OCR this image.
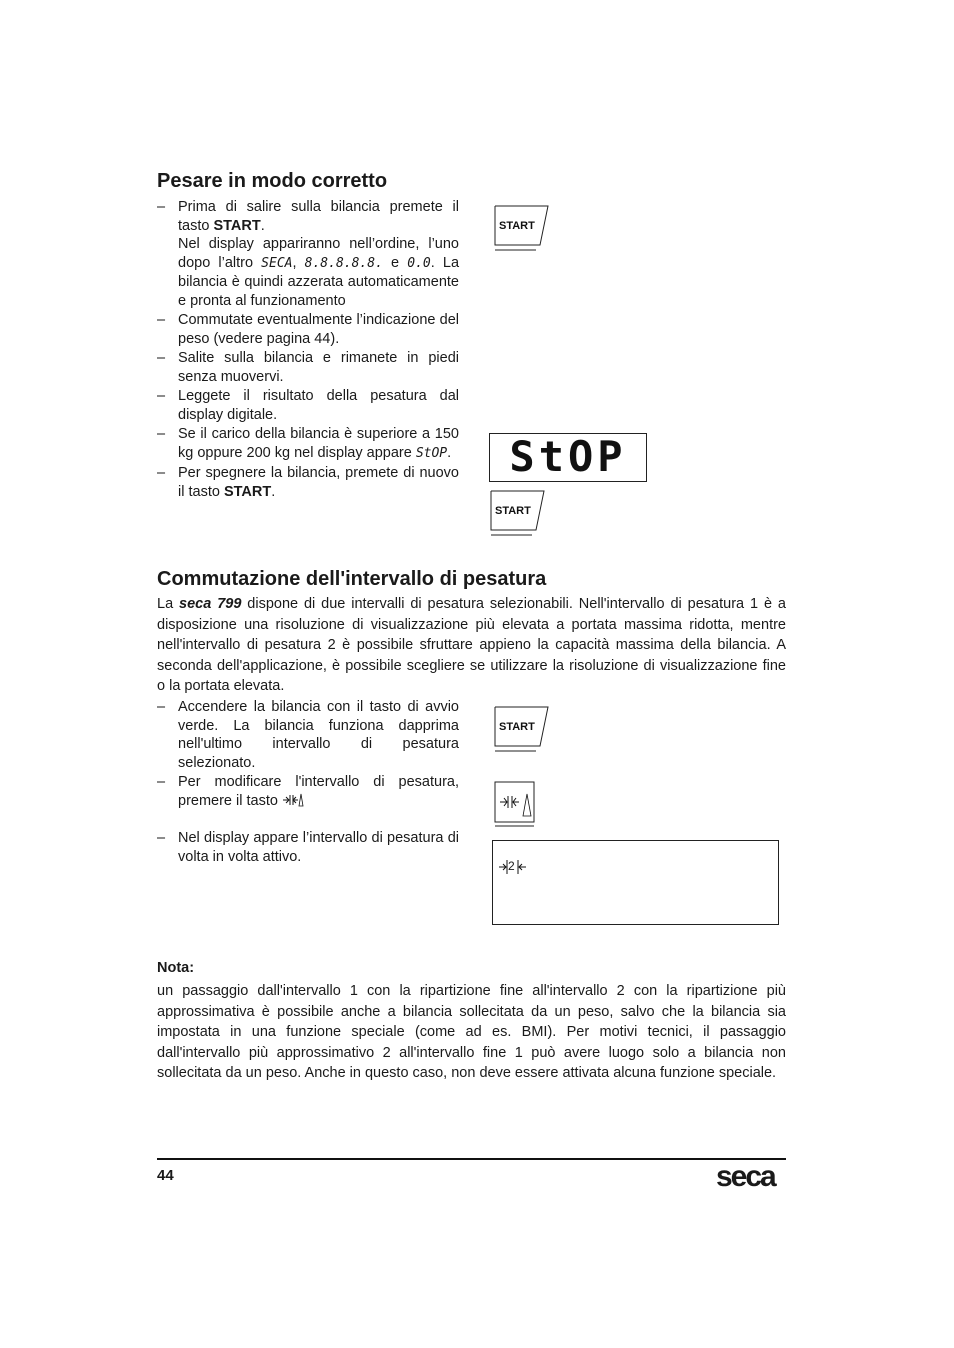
Pesare in modo corretto
– Prima di salire sulla bilancia premete il tasto START.
Nel display appariranno nell’ordine, l’uno dopo l’altro SECA, 8.8.8.8.8. e 0.0. La bilancia è quindi azzerata automaticamente e pronta al funzionamento
– Commutate eventualmente l’indicazione del peso (vedere pagina 44).
– Salite sulla bilancia e rimanete in piedi senza muovervi.
– Leggete il risultato della pesatura dal display digitale.
– Se il carico della bilancia è superiore a 150 kg oppure 200 kg nel display appare StOP.
– Per spegnere la bilancia, premete di nuovo il tasto START.
START
StOP
START
Commutazione dell'intervallo di pesatura

La seca 799 dispone di due intervalli di pesatura selezionabili. Nell'intervallo di pesatura 1 è a disposizione una risoluzione di visualizzazione più elevata a portata massima ridotta, mentre nell'intervallo di pesatura 2 è possibile sfruttare appieno la capacità massima della bilancia. A seconda dell'applicazione, è possibile scegliere se utilizzare la risoluzione di visualizzazione fine o la portata elevata.

– Accendere la bilancia con il tasto di avvio verde. La bilancia funziona dapprima nell'ultimo intervallo di pesatura selezionato.
– Per modificare l'intervallo di pesatura, premere il tasto
– Nel display appare l’intervallo di pesatura di volta in volta attivo.
START
2
Nota:

un passaggio dall'intervallo 1 con la ripartizione fine all'intervallo 2 con la ripartizione più approssimativa è possibile anche a bilancia sollecitata da un peso, salvo che la bilancia sia impostata in una funzione speciale (come ad es. BMI). Per motivi tecnici, il passaggio dall'intervallo più approssimativo 2 all'intervallo fine 1 può avere luogo solo a bilancia non sollecitata da un peso. Anche in questo caso, non deve essere attivata alcuna funzione speciale.

44	seca
